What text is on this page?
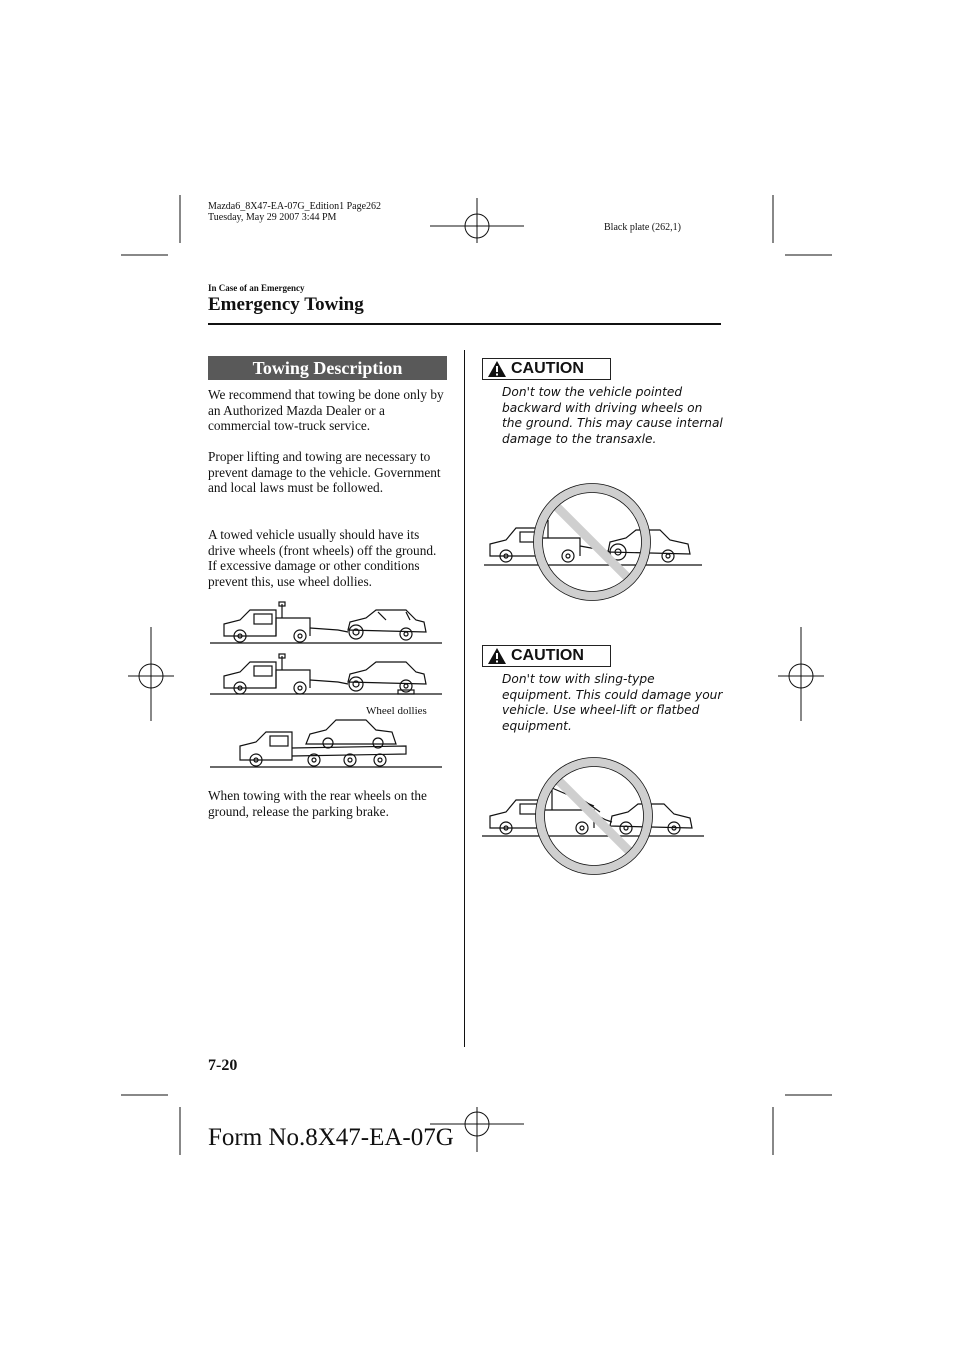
Mazda6_8X47-EA-07G_Edition1 Page262
Tuesday, May 29 2007 3:44 PM
Black plate (262,1)
In Case of an Emergency
Emergency Towing
Towing Description
We recommend that towing be done only by an Authorized Mazda Dealer or a commercial tow-truck service.
Proper lifting and towing are necessary to prevent damage to the vehicle. Government and local laws must be followed.
A towed vehicle usually should have its drive wheels (front wheels) off the ground. If excessive damage or other conditions prevent this, use wheel dollies.
Wheel dollies
When towing with the rear wheels on the ground, release the parking brake.
CAUTION
Don't tow the vehicle pointed backward with driving wheels on the ground. This may cause internal damage to the transaxle.
CAUTION
Don't tow with sling-type equipment. This could damage your vehicle. Use wheel-lift or flatbed equipment.
7-20
Form No.8X47-EA-07G
